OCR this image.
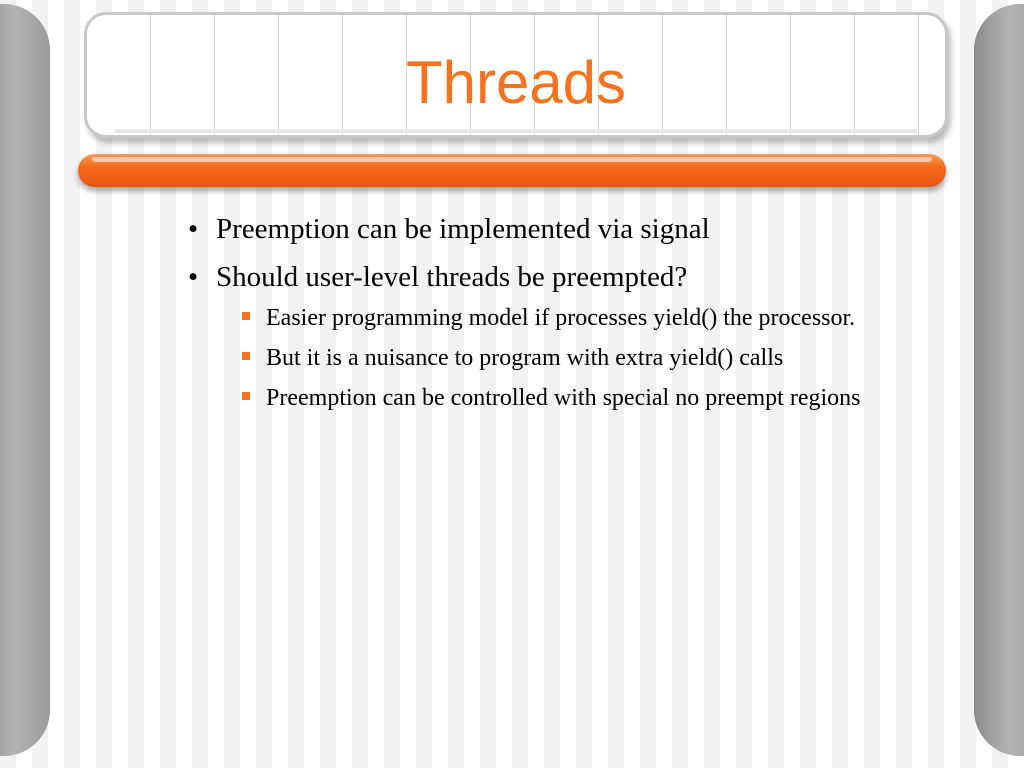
Threads
• Preemption can be implemented via signal
• Should user-level threads be preempted?
Easier programming model if processes yield() the processor.
But it is a nuisance to program with extra yield() calls
Preemption can be controlled with special no preempt regions
